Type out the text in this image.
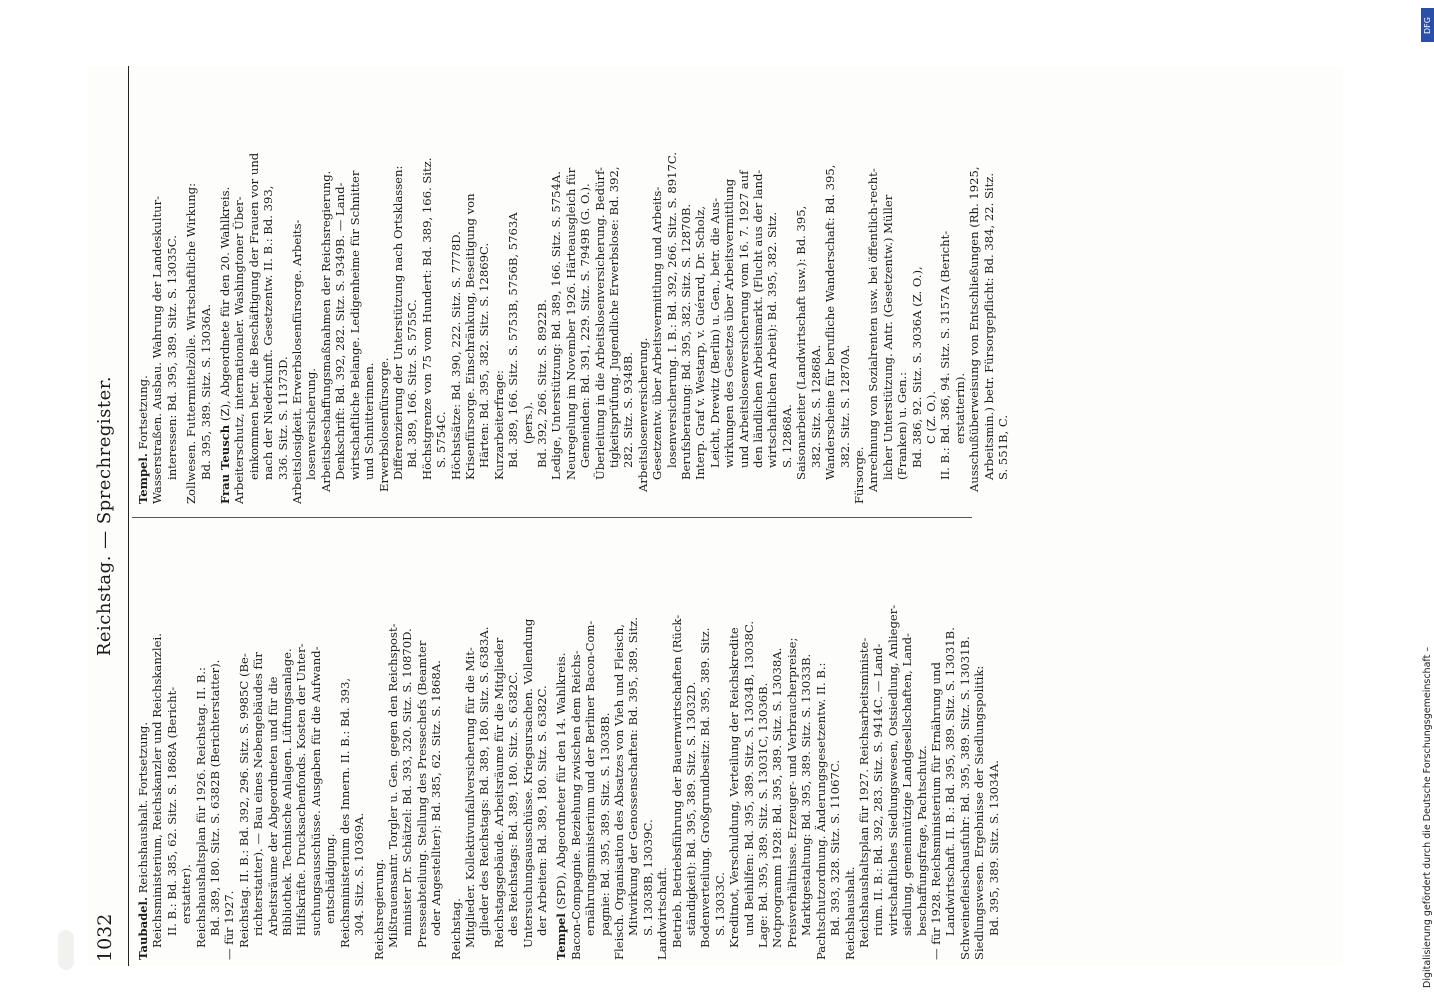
1032
Reichstag. — Sprechregister.

Taubadel. Reichshaushalt. Fortsetzung. Reichsministerium, Reichskanzler und Reichskanzlei. II. B.: Bd. 385, 62. Sitz. S. 1868A (Bericht- erstatter). Reichshaushaltsplan für 1926. Reichstag. II. B.: Bd. 389, 180. Sitz. S. 6382B (Berichterstatter). — für 1927. Reichstag. II. B.: Bd. 392, 296. Sitz. S. 9985C (Be- richterstatter). — Bau eines Nebengebäudes für Arbeitsräume der Abgeordneten und für die Bibliothek. Technische Anlagen. Lüftungsanlage. Hilfskräfte. Drucksachenfonds. Kosten der Unter- suchungsausschüsse. Ausgaben für die Aufwand- entschädigung. Reichsministerium des Innern. II. B.: Bd. 393, 304. Sitz. S. 10369A. Reichsregierung. Mißtrauensantr. Torgler u. Gen. gegen den Reichspost- minister Dr. Schätzel: Bd. 393, 320. Sitz. S. 10870D. Presseabteilung. Stellung des Pressechefs (Beamter oder Angestellter): Bd. 385, 62. Sitz. S. 1868A. Reichstag. Mitglieder. Kollektivunfallversicherung für die Mit- glieder des Reichstags: Bd. 389, 180. Sitz. S. 6383A. Reichstagsgebäude. Arbeitsräume für die Mitglieder des Reichstags: Bd. 389, 180. Sitz. S. 6382C. Untersuchungsausschüsse. Kriegsursachen. Vollendung der Arbeiten: Bd. 389, 180. Sitz. S. 6382C.

Tempel (SPD), Abgeordneter für den 14. Wahlkreis. Bacon-Compagnie. Beziehung zwischen dem Reichs- ernährungsministerium und der Berliner Bacon-Com- pagnie: Bd. 395, 389. Sitz. S. 13038B. Fleisch. Organisation des Absatzes von Vieh und Fleisch, Mitwirkung der Genossenschaften: Bd. 395, 389. Sitz. S. 13038B, 13039C. Landwirtschaft. Betrieb. Betriebsführung der Bauernwirtschaften (Rück- ständigkeit): Bd. 395, 389. Sitz. S. 13032D. Bodenverteilung. Großgrundbesitz: Bd. 395, 389. Sitz. S. 13033C. Kreditnot, Verschuldung, Verteilung der Reichskredite und Beihilfen: Bd. 395, 389. Sitz. S. 13034B, 13038C. Lage: Bd. 395, 389. Sitz. S. 13031C, 13036B. Notprogramm 1928: Bd. 395, 389. Sitz. S. 13038A. Preisverhältnisse. Erzeuger- und Verbraucherpreise; Marktgestaltung: Bd. 395, 389. Sitz. S. 13033B. Pachtschutzordnung. Änderungsgesetzentw. II. B.: Bd. 393, 328. Sitz. S. 11067C. Reichshaushalt. Reichshaushaltsplan für 1927. Reichsarbeitsministe- rium. II. B.: Bd. 392, 283. Sitz. S. 9414C. — Land- wirtschaftliches Siedlungswesen, Ostsiedlung, Anlieger- siedlung, gemeinnützige Landgesellschaften, Land- beschaffungsfrage, Pachtschutz. — für 1928. Reichsministerium für Ernährung und Landwirtschaft. II. B.: Bd. 395, 389. Sitz. S. 13031B. Schweinefleischausfuhr: Bd. 395, 389. Sitz. S. 13031B. Siedlungswesen. Ergebnisse der Siedlungspolitik: Bd. 395, 389. Sitz. S. 13034A.

Tempel. Fortsetzung. Wasserstraßen. Ausbau. Wahrung der Landeskultur- interessen: Bd. 395, 389. Sitz. S. 13035C. Zollwesen. Futtermittelzölle. Wirtschaftliche Wirkung: Bd. 395, 389. Sitz. S. 13036A. Frau Teusch (Z), Abgeordnete für den 20. Wahlkreis. Arbeiterschutz, internationaler. Washingtoner Über- einkommen betr. die Beschäftigung der Frauen vor und nach der Niederkunft. Gesetzentw. II. B.: Bd. 393, 336. Sitz. S. 11373D. Arbeitslosigkeit. Erwerbslosenfürsorge. Arbeits- losenversicherung. Arbeitsbeschaffungsmaßnahmen der Reichsregierung. Denkschrift: Bd. 392, 282. Sitz. S. 9349B. — Land- wirtschaftliche Belange. Ledigenheime für Schnitter und Schnitterinnen. Erwerbslosenfürsorge. Differenzierung der Unterstützung nach Ortsklassen: Bd. 389, 166. Sitz. S. 5755C. Höchstgrenze von 75 vom Hundert: Bd. 389, 166. Sitz. S. 5754C. Höchstsätze: Bd. 390, 222. Sitz. S. 7778D. Krisenfürsorge. Einschränkung, Beseitigung von Härten: Bd. 395, 382. Sitz. S. 12869C. Kurzarbeiterfrage: Bd. 389, 166. Sitz. S. 5753B, 5756B, 5763A (pers.). Bd. 392, 266. Sitz. S. 8922B. Ledige, Unterstützung: Bd. 389, 166. Sitz. S. 5754A. Neuregelung im November 1926. Härteausgleich für Gemeinden: Bd. 391, 229. Sitz. S. 7949B (G. O.). Überleitung in die Arbeitslosenversicherung. Bedürf- tigkeitsprüfung. Jugendliche Erwerbslose: Bd. 392, 282. Sitz. S. 9348B. Arbeitslosenversicherung. Gesetzentw. über Arbeitsvermittlung und Arbeits- losenversicherung. I. B.: Bd. 392, 266. Sitz. S. 8917C. Berufsberatung: Bd. 395, 382. Sitz. S. 12870B. Interp. Graf v. Westarp, v. Guérard, Dr. Scholz, Leicht, Drewitz (Berlin) u. Gen., betr. die Aus- wirkungen des Gesetzes über Arbeitsvermittlung und Arbeitslosenversicherung vom 16. 7. 1927 auf den ländlichen Arbeitsmarkt. (Flucht aus der land- wirtschaftlichen Arbeit): Bd. 395, 382. Sitz. S. 12868A. Saisonarbeiter (Landwirtschaft usw.): Bd. 395, 382. Sitz. S. 12868A. Wanderscheine für berufliche Wanderschaft: Bd. 395, 382. Sitz. S. 12870A.

Fürsorge. Anrechnung von Sozialrenten usw. bei öffentlich-recht- licher Unterstützung. Antr. (Gesetzentw.) Müller (Franken) u. Gen.: Bd. 386, 92. Sitz. S. 3036A (Z. O.), C (Z. O.). II. B.: Bd. 386, 94. Sitz. S. 3157A (Bericht- erstatterin). Ausschußüberweisung von Entschließungen (Rh. 1925, Arbeitsmin.) betr. Fürsorgepflicht: Bd. 384, 22. Sitz. S. 551B, C.

Digitalisierung gefördert durch die Deutsche Forschungsgemeinschaft –
DFG
